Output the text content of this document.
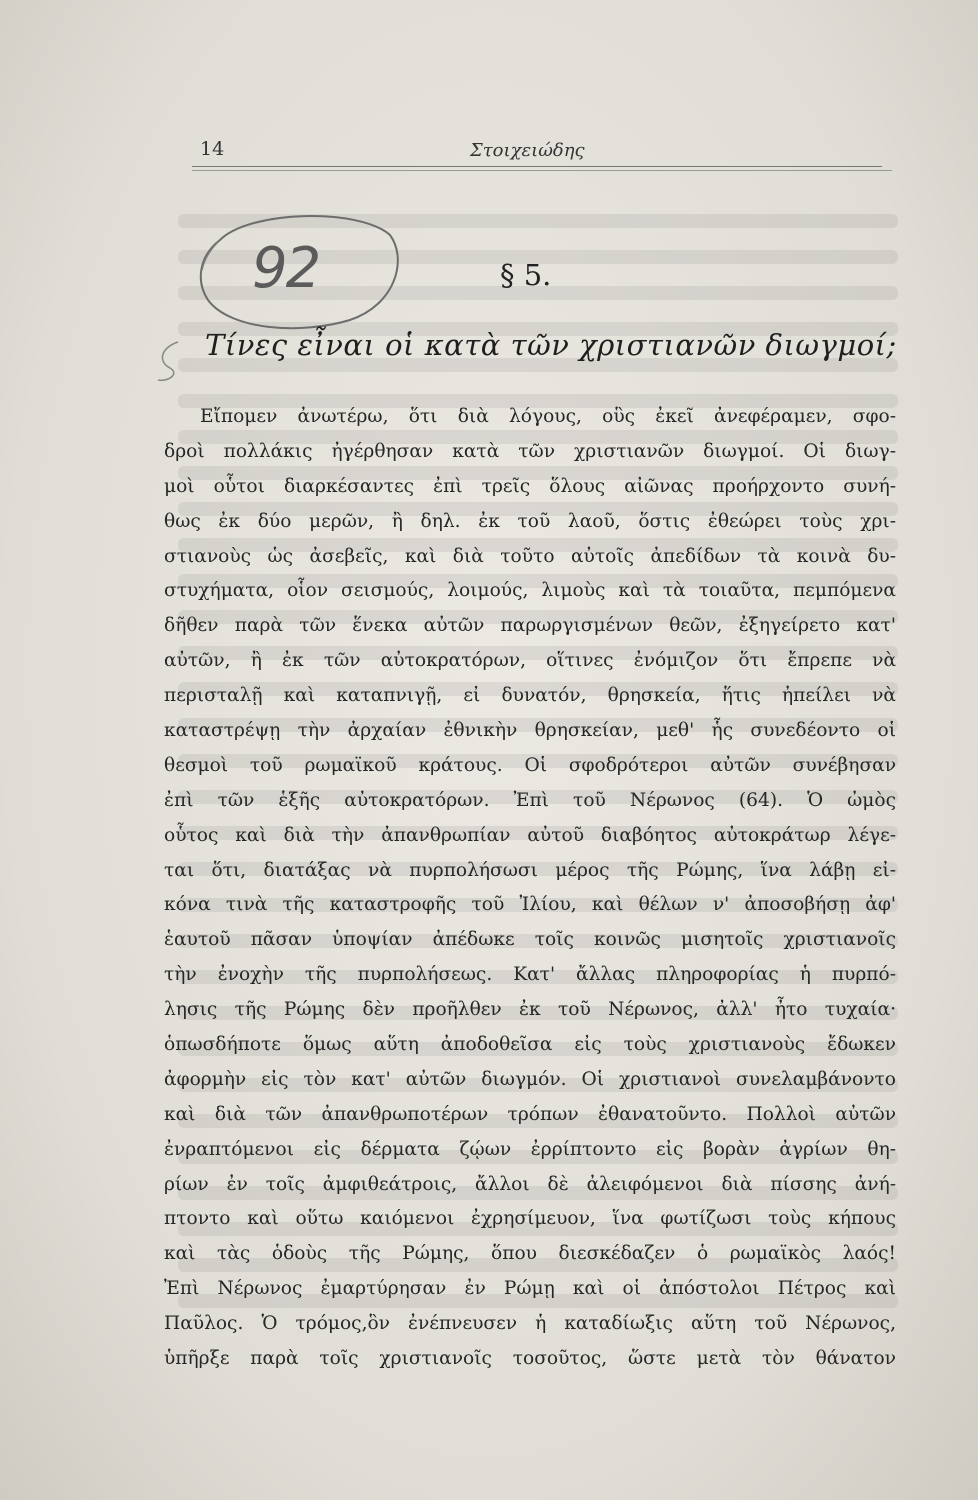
14	Στοιχειώδης
92	§ 5.
Τίνες εἶναι οἱ κατὰ τῶν χριστιανῶν διωγμοί;
Εἴπομεν ἀνωτέρω, ὅτι διὰ λόγους, οὓς ἐκεῖ ἀνεφέραμεν, σφο-
δροὶ πολλάκις ἠγέρθησαν κατὰ τῶν χριστιανῶν διωγμοί. Οἱ διωγ-
μοὶ οὗτοι διαρκέσαντες ἐπὶ τρεῖς ὅλους αἰῶνας προήρχοντο συνή-
θως ἐκ δύο μερῶν, ἢ δηλ. ἐκ τοῦ λαοῦ, ὅστις ἐθεώρει τοὺς χρι-
στιανοὺς ὡς ἀσεβεῖς, καὶ διὰ τοῦτο αὐτοῖς ἀπεδίδων τὰ κοινὰ δυ-
στυχήματα, οἷον σεισμούς, λοιμούς, λιμοὺς καὶ τὰ τοιαῦτα, πεμπόμενα
δῆθεν παρὰ τῶν ἕνεκα αὐτῶν παρωργισμένων θεῶν, ἐξηγείρετο κατ'
αὐτῶν, ἢ ἐκ τῶν αὐτοκρατόρων, οἵτινες ἐνόμιζον ὅτι ἔπρεπε νὰ
περισταλῇ καὶ καταπνιγῇ, εἰ δυνατόν, θρησκεία, ἥτις ἠπείλει νὰ
καταστρέψῃ τὴν ἀρχαίαν ἐθνικὴν θρησκείαν, μεθ' ἧς συνεδέοντο οἱ
θεσμοὶ τοῦ ρωμαϊκοῦ κράτους. Οἱ σφοδρότεροι αὐτῶν συνέβησαν
ἐπὶ τῶν ἑξῆς αὐτοκρατόρων. Ἐπὶ τοῦ Νέρωνος (64). Ὁ ὠμὸς
οὗτος καὶ διὰ τὴν ἀπανθρωπίαν αὐτοῦ διαβόητος αὐτοκράτωρ λέγε-
ται ὅτι, διατάξας νὰ πυρπολήσωσι μέρος τῆς Ρώμης, ἵνα λάβῃ εἰ-
κόνα τινὰ τῆς καταστροφῆς τοῦ Ἰλίου, καὶ θέλων ν' ἀποσοβήσῃ ἀφ'
ἑαυτοῦ πᾶσαν ὑποψίαν ἀπέδωκε τοῖς κοινῶς μισητοῖς χριστιανοῖς
τὴν ἐνοχὴν τῆς πυρπολήσεως. Κατ' ἄλλας πληροφορίας ἡ πυρπό-
λησις τῆς Ρώμης δὲν προῆλθεν ἐκ τοῦ Νέρωνος, ἀλλ' ἦτο τυχαία·
ὁπωσδήποτε ὅμως αὕτη ἀποδοθεῖσα εἰς τοὺς χριστιανοὺς ἔδωκεν
ἀφορμὴν εἰς τὸν κατ' αὐτῶν διωγμόν. Οἱ χριστιανοὶ συνελαμβάνοντο
καὶ διὰ τῶν ἀπανθρωποτέρων τρόπων ἐθανατοῦντο. Πολλοὶ αὐτῶν
ἐνραπτόμενοι εἰς δέρματα ζῴων ἐρρίπτοντο εἰς βορὰν ἀγρίων θη-
ρίων ἐν τοῖς ἀμφιθεάτροις, ἄλλοι δὲ ἀλειφόμενοι διὰ πίσσης ἀνή-
πτοντο καὶ οὕτω καιόμενοι ἐχρησίμευον, ἵνα φωτίζωσι τοὺς κήπους
καὶ τὰς ὁδοὺς τῆς Ρώμης, ὅπου διεσκέδαζεν ὁ ρωμαϊκὸς λαός!
Ἐπὶ Νέρωνος ἐμαρτύρησαν ἐν Ρώμῃ καὶ οἱ ἀπόστολοι Πέτρος καὶ
Παῦλος. Ὁ τρόμος,ὃν ἐνέπνευσεν ἡ καταδίωξις αὕτη τοῦ Νέρωνος,
ὑπῆρξε παρὰ τοῖς χριστιανοῖς τοσοῦτος, ὥστε μετὰ τὸν θάνατον
